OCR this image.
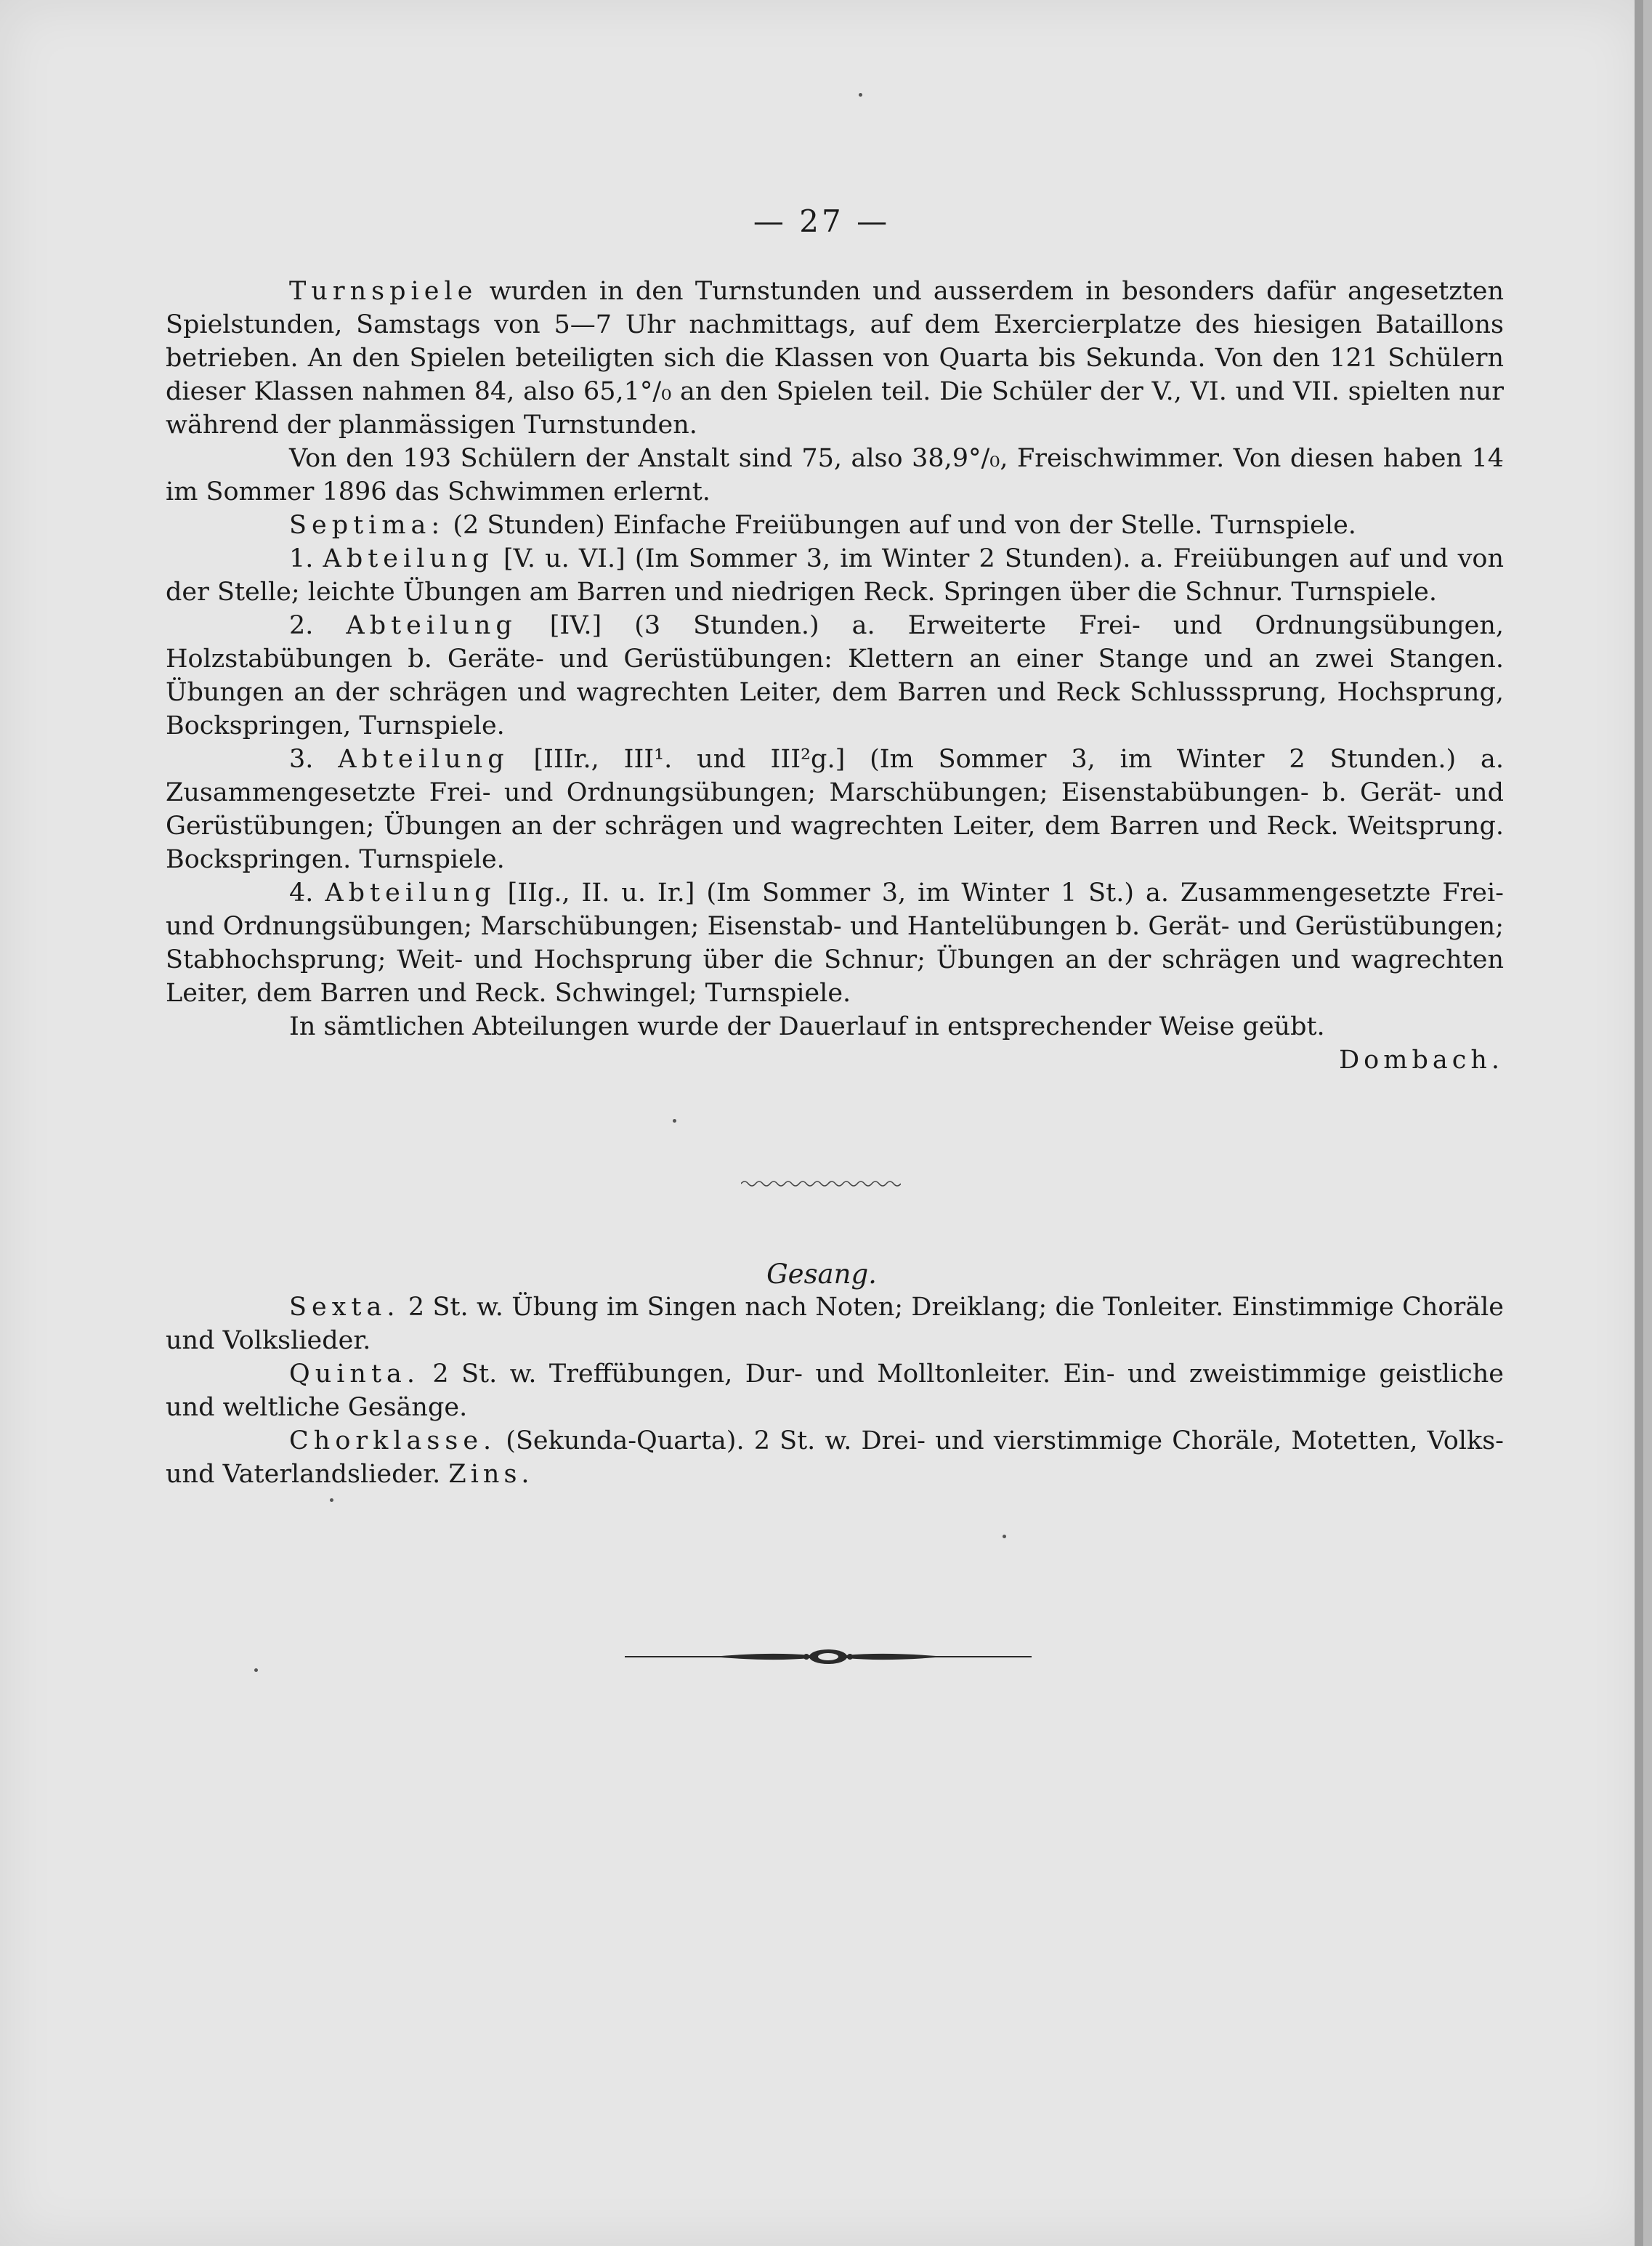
— 27 —

Turnspiele wurden in den Turnstunden und ausserdem in besonders dafür angesetzten Spielstunden, Samstags von 5—7 Uhr nachmittags, auf dem Exercierplatze des hiesigen Bataillons betrieben. An den Spielen beteiligten sich die Klassen von Quarta bis Sekunda. Von den 121 Schülern dieser Klassen nahmen 84, also 65,1°/₀ an den Spielen teil. Die Schüler der V., VI. und VII. spielten nur während der planmässigen Turnstunden.

Von den 193 Schülern der Anstalt sind 75, also 38,9°/₀, Freischwimmer. Von diesen haben 14 im Sommer 1896 das Schwimmen erlernt.

Septima: (2 Stunden) Einfache Freiübungen auf und von der Stelle. Turnspiele.

1. Abteilung [V. u. VI.] (Im Sommer 3, im Winter 2 Stunden). a. Freiübungen auf und von der Stelle; leichte Übungen am Barren und niedrigen Reck. Springen über die Schnur. Turnspiele.

2. Abteilung [IV.] (3 Stunden.) a. Erweiterte Frei- und Ordnungsübungen, Holzstabübungen b. Geräte- und Gerüstübungen: Klettern an einer Stange und an zwei Stangen. Übungen an der schrägen und wagrechten Leiter, dem Barren und Reck Schlusssprung, Hochsprung, Bockspringen, Turnspiele.

3. Abteilung [IIIr., III¹. und III²g.] (Im Sommer 3, im Winter 2 Stunden.) a. Zusammengesetzte Frei- und Ordnungsübungen; Marschübungen; Eisenstabübungen- b. Gerät- und Gerüstübungen; Übungen an der schrägen und wagrechten Leiter, dem Barren und Reck. Weitsprung. Bockspringen. Turnspiele.

4. Abteilung [IIg., II. u. Ir.] (Im Sommer 3, im Winter 1 St.) a. Zusammengesetzte Frei- und Ordnungsübungen; Marschübungen; Eisenstab- und Hantelübungen b. Gerät- und Gerüstübungen; Stabhochsprung; Weit- und Hochsprung über die Schnur; Übungen an der schrägen und wagrechten Leiter, dem Barren und Reck. Schwingel; Turnspiele.

In sämtlichen Abteilungen wurde der Dauerlauf in entsprechender Weise geübt.

Dombach.

Gesang.

Sexta. 2 St. w. Übung im Singen nach Noten; Dreiklang; die Tonleiter. Einstimmige Choräle und Volkslieder.

Quinta. 2 St. w. Treffübungen, Dur- und Molltonleiter. Ein- und zweistimmige geistliche und weltliche Gesänge.

Chorklasse. (Sekunda-Quarta). 2 St. w. Drei- und vierstimmige Choräle, Motetten, Volks- und Vaterlandslieder. Zins.
